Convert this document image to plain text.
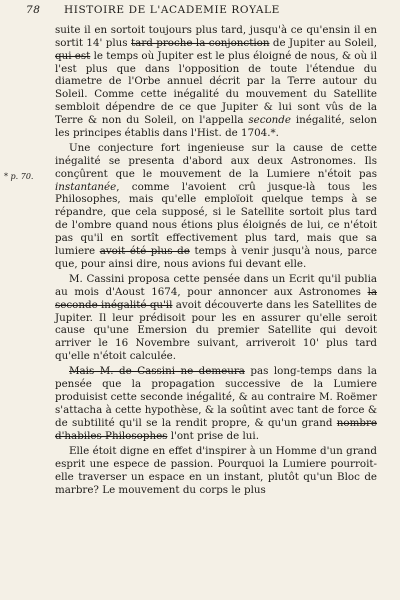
78 HISTOIRE DE L'ACADEMIE ROYALE
* p. 70.

suite il en sortoit toujours plus tard, jusqu'à ce qu'ensin il en sortit 14' plus tard proche la conjonction de Jupiter au Soleil, qui est le temps où Jupiter est le plus éloigné de nous, & où il l'est plus que dans l'opposition de toute l'étendue du diametre de l'Orbe annuel décrit par la Terre autour du Soleil. Comme cette inégalité du mouvement du Satellite sembloit dépendre de ce que Jupiter & lui sont vûs de la Terre & non du Soleil, on l'appella seconde inégalité, selon les principes établis dans l'Hist. de 1704.*.

Une conjecture fort ingenieuse sur la cause de cette inégalité se presenta d'abord aux deux Astronomes. Ils conçûrent que le mouvement de la Lumiere n'étoit pas instantanée, comme l'avoient crû jusque-là tous les Philosophes, mais qu'elle emploïoit quelque temps à se répandre, que cela supposé, si le Satellite sortoit plus tard de l'ombre quand nous étions plus éloignés de lui, ce n'étoit pas qu'il en sortît effectivement plus tard, mais que sa lumiere avoit été plus de temps à venir jusqu'à nous, parce que, pour ainsi dire, nous avions fui devant elle.

M. Cassini proposa cette pensée dans un Ecrit qu'il publia au mois d'Aoust 1674, pour annoncer aux Astronomes la seconde inégalité qu'il avoit découverte dans les Satellites de Jupiter. Il leur prédisoit pour les en assurer qu'elle seroit cause qu'une Emersion du premier Satellite qui devoit arriver le 16 Novembre suivant, arriveroit 10' plus tard qu'elle n'étoit calculée.

Mais M. de Cassini ne demeura pas long-temps dans la pensée que la propagation successive de la Lumiere produisist cette seconde inégalité, & au contraire M. Roëmer s'attacha à cette hypothèse, & la soûtint avec tant de force & de subtilité qu'il se la rendit propre, & qu'un grand nombre d'habiles Philosophes l'ont prise de lui.

Elle étoit digne en effet d'inspirer à un Homme d'un grand esprit une espece de passion. Pourquoi la Lumiere pourroit-elle traverser un espace en un instant, plutôt qu'un Bloc de marbre? Le mouvement du corps le plus
